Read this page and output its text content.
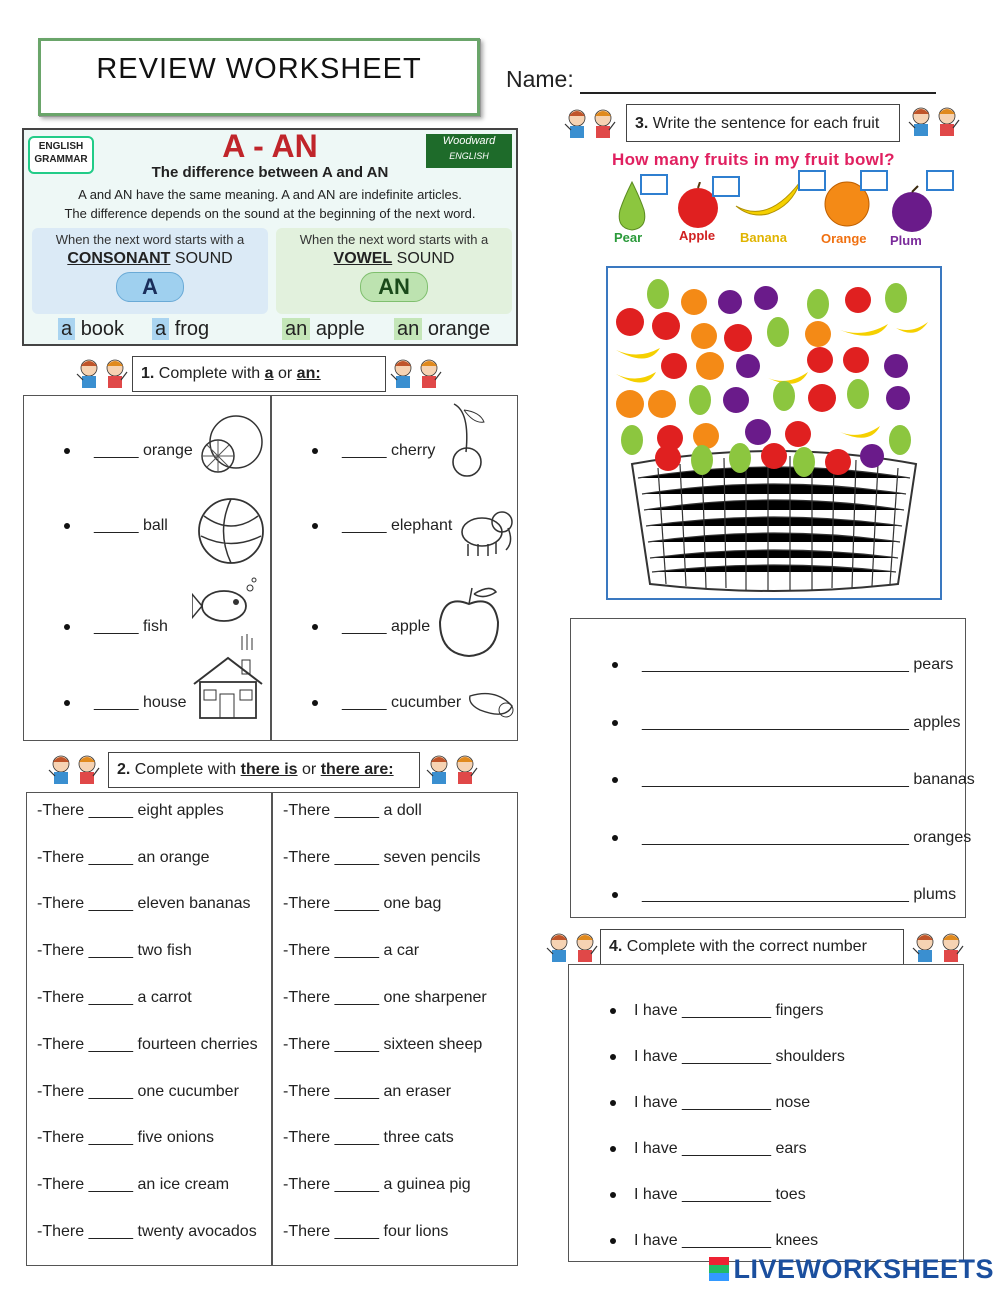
REVIEW WORKSHEET	Name:
ENGLISH GRAMMAR
Woodward
ENGLISH
A - AN
The difference between A and AN
A and AN have the same meaning. A and AN are indefinite articles.
The difference depends on the sound at the beginning of the next word.
When the next word starts with a
CONSONANT SOUND
A
When the next word starts with a
VOWEL SOUND
AN
a book a frog	an apple an orange
1. Complete with a or an:
_____ orange
_____ ball
_____ fish
_____ house
_____ cherry
_____ elephant
_____ apple
_____ cucumber
2. Complete with there is or there are:
-There _____ eight apples
-There _____ an orange
-There _____ eleven bananas
-There _____ two fish
-There _____ a carrot
-There _____ fourteen cherries
-There _____ one cucumber
-There _____ five onions
-There _____ an ice cream
-There _____ twenty avocados
-There _____ a doll
-There _____ seven pencils
-There _____ one bag
-There _____ a car
-There _____ one sharpener
-There _____ sixteen sheep
-There _____ an eraser
-There _____ three cats
-There _____ a guinea pig
-There _____ four lions
3. Write the sentence for each fruit
How many fruits in my fruit bowl?
Pear	Apple Banana	Orange Plum
______________________________ pears
______________________________ apples
______________________________ bananas
______________________________ oranges
______________________________ plums
4. Complete with the correct number
I have __________ fingers
I have __________ shoulders
I have __________ nose
I have __________ ears
I have __________ toes
I have __________ knees
LIVEWORKSHEETS
